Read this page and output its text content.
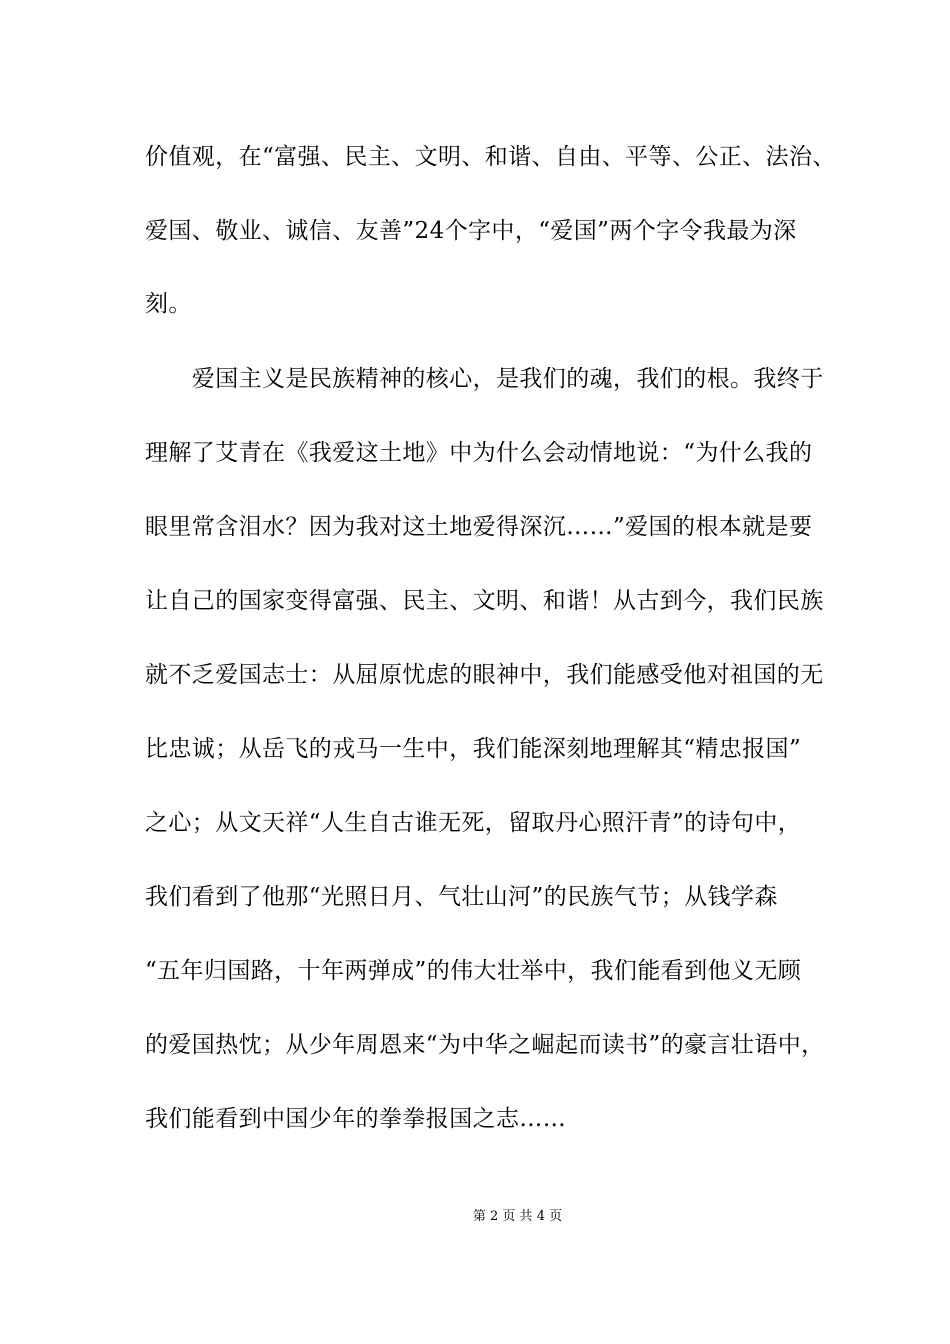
价值观，在“富强、民主、文明、和谐、自由、平等、公正、法治、
爱国、敬业、诚信、友善”24个字中，“爱国”两个字令我最为深
刻。
　　爱国主义是民族精神的核心，是我们的魂，我们的根。我终于
理解了艾青在《我爱这土地》中为什么会动情地说：“为什么我的
眼里常含泪水？因为我对这土地爱得深沉……”爱国的根本就是要
让自己的国家变得富强、民主、文明、和谐！从古到今，我们民族
就不乏爱国志士：从屈原忧虑的眼神中，我们能感受他对祖国的无
比忠诚；从岳飞的戎马一生中，我们能深刻地理解其“精忠报国”
之心；从文天祥“人生自古谁无死，留取丹心照汗青”的诗句中，
我们看到了他那“光照日月、气壮山河”的民族气节；从钱学森
“五年归国路，十年两弹成”的伟大壮举中，我们能看到他义无顾
的爱国热忱；从少年周恩来“为中华之崛起而读书”的豪言壮语中，
我们能看到中国少年的拳拳报国之志……
第 2 页 共 4 页
